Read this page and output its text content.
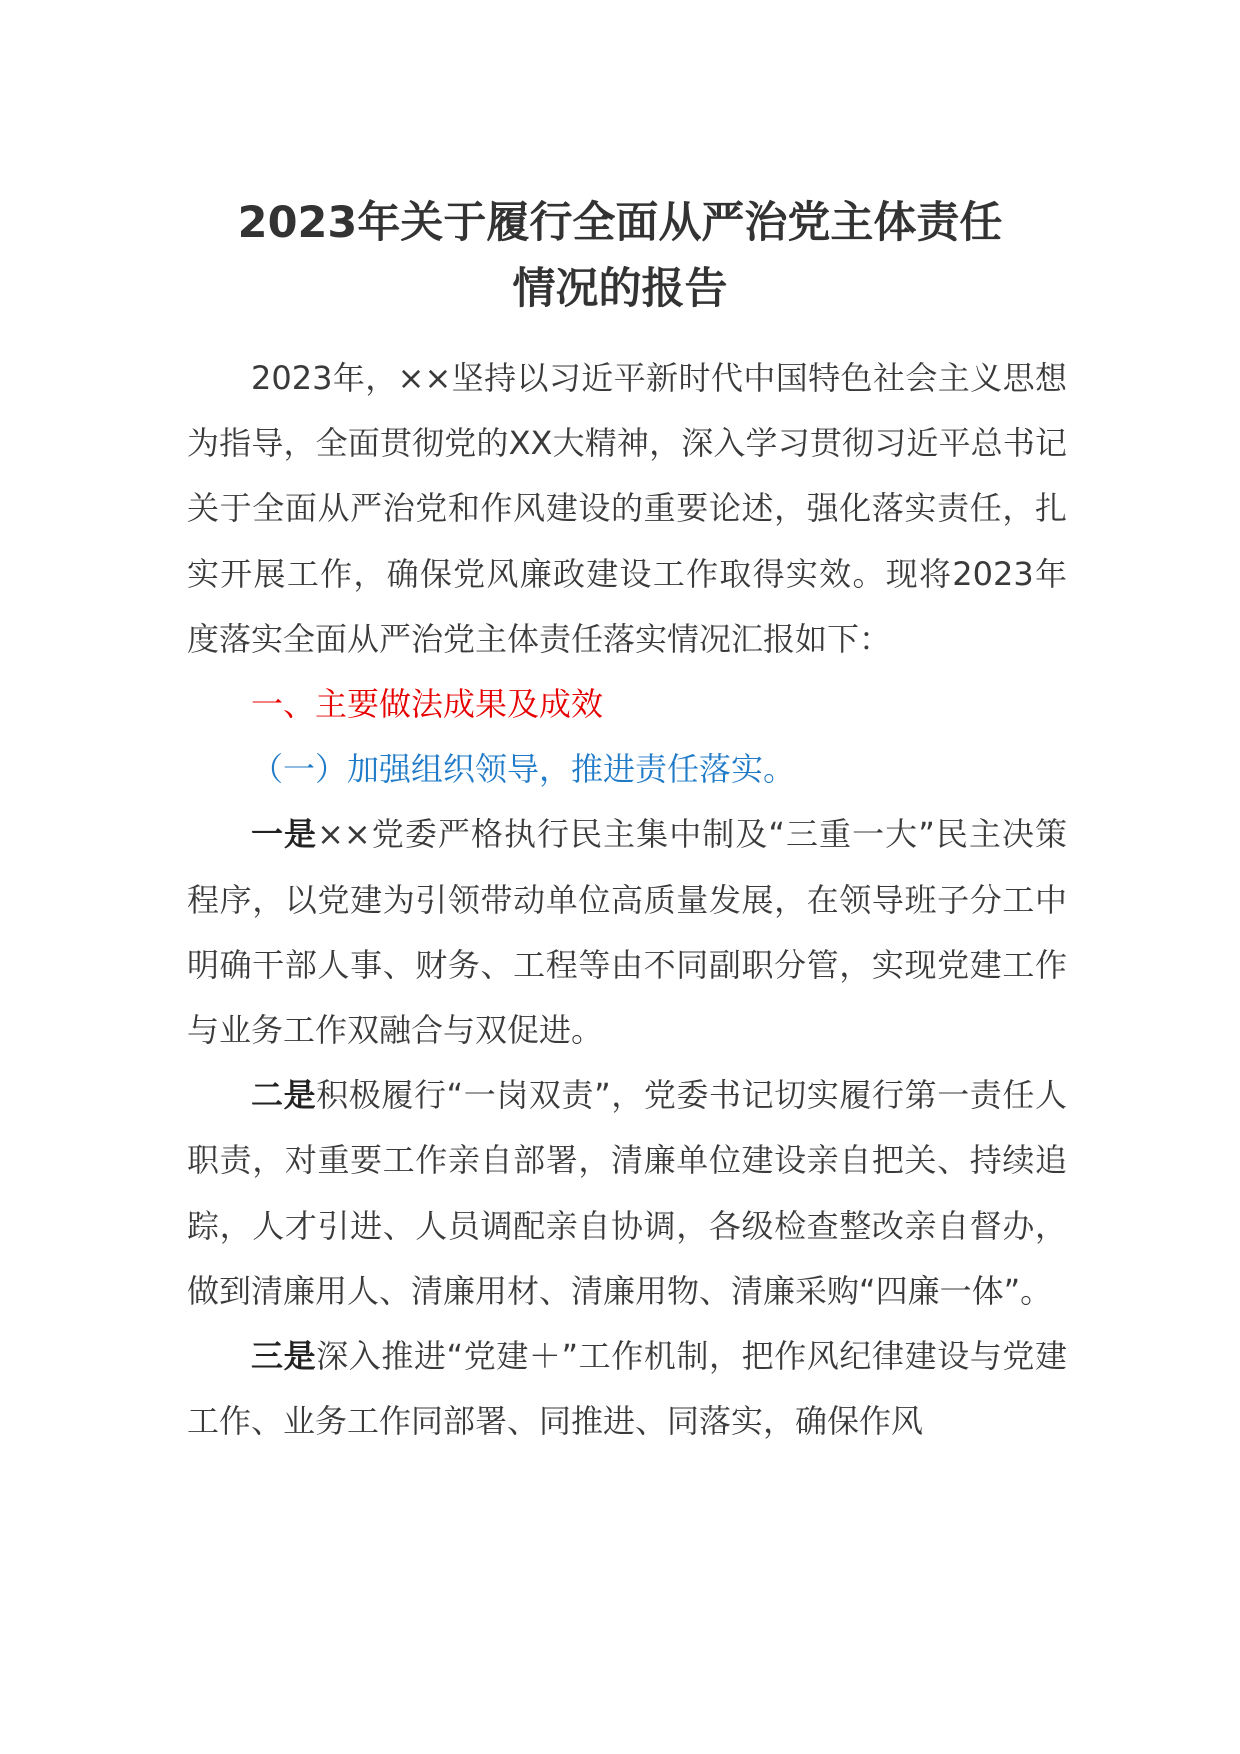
2023年关于履行全面从严治党主体责任
情况的报告

2023年，××坚持以习近平新时代中国特色社会主义思想为指导，全面贯彻党的XX大精神，深入学习贯彻习近平总书记关于全面从严治党和作风建设的重要论述，强化落实责任，扎实开展工作，确保党风廉政建设工作取得实效。现将2023年度落实全面从严治党主体责任落实情况汇报如下：

一、主要做法成果及成效

（一）加强组织领导，推进责任落实。

一是××党委严格执行民主集中制及“三重一大”民主决策程序，以党建为引领带动单位高质量发展，在领导班子分工中明确干部人事、财务、工程等由不同副职分管，实现党建工作与业务工作双融合与双促进。

二是积极履行“一岗双责”，党委书记切实履行第一责任人职责，对重要工作亲自部署，清廉单位建设亲自把关、持续追踪，人才引进、人员调配亲自协调，各级检查整改亲自督办，做到清廉用人、清廉用材、清廉用物、清廉采购“四廉一体”。

三是深入推进“党建＋”工作机制，把作风纪律建设与党建工作、业务工作同部署、同推进、同落实，确保作风
